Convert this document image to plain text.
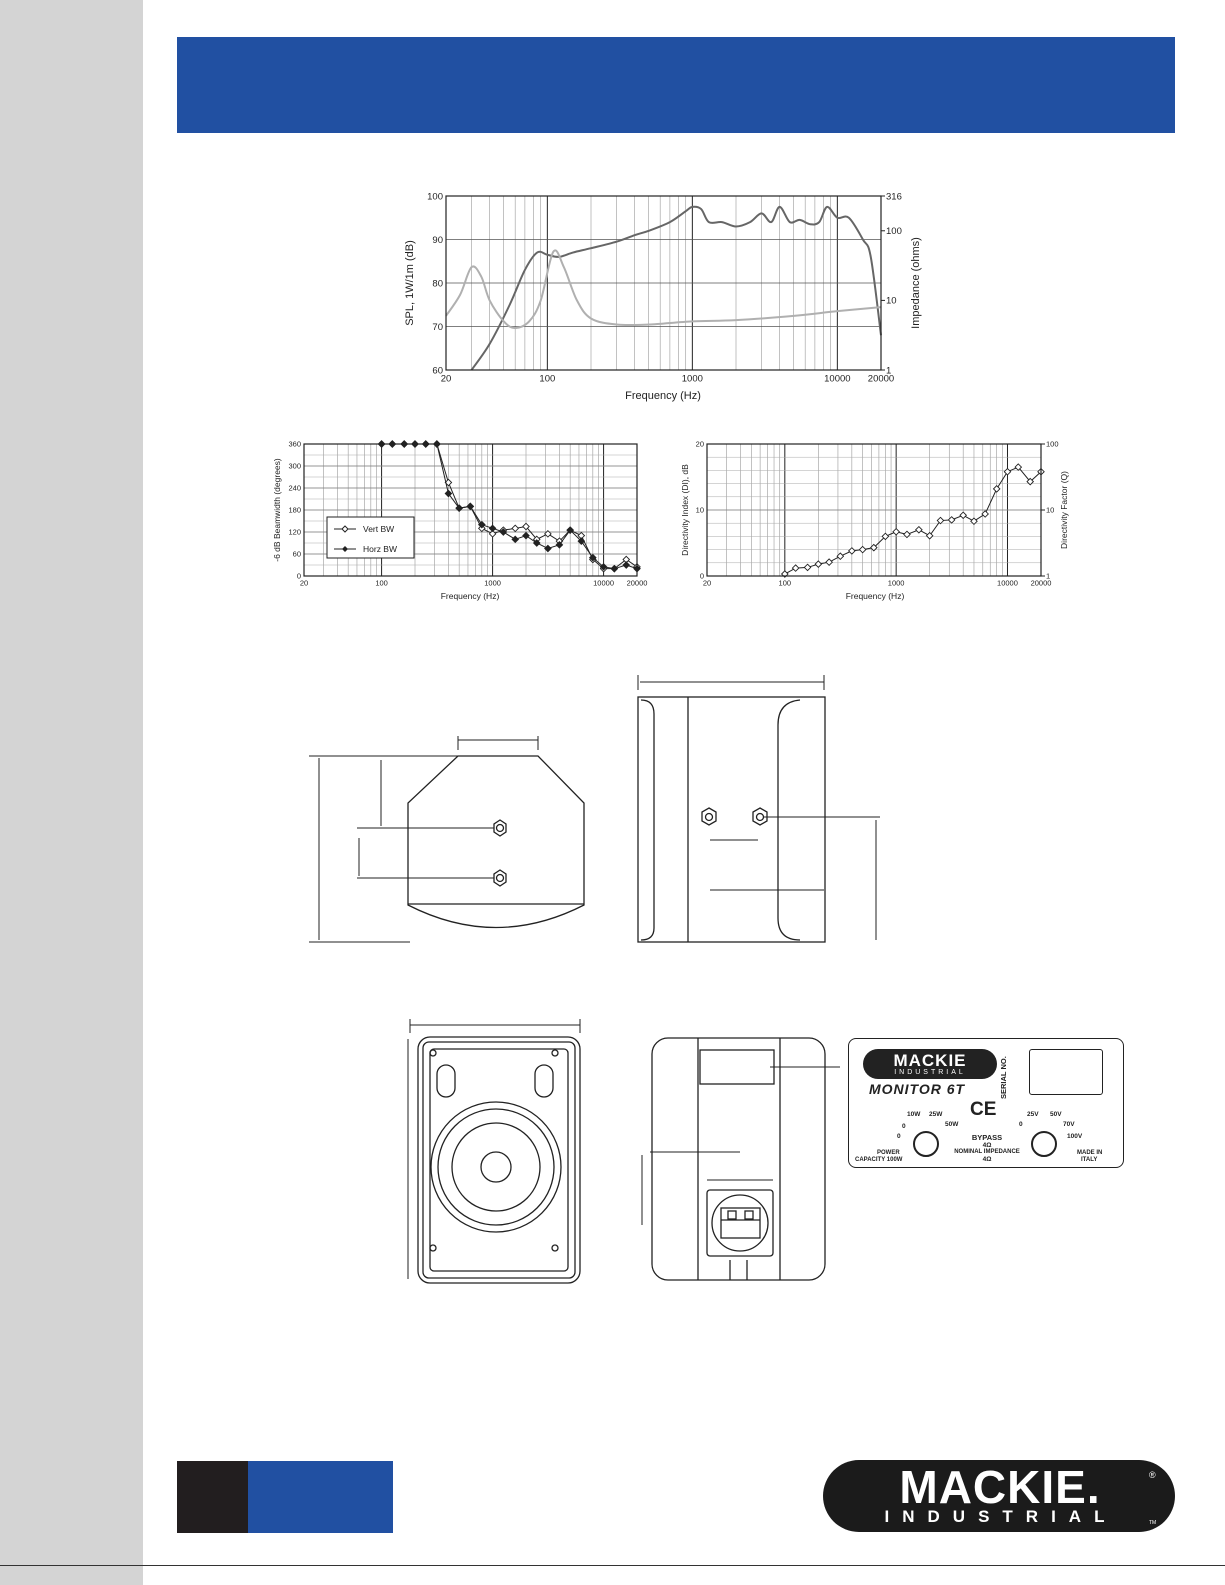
20	100	1000	10000 20000
60
70
80
90
100
1
10
100
316
Frequency (Hz)
SPL, 1W/1m (dB)	Impedance (ohms)
20	100	1000	10000 20000
0
60
120
180
240
300
360
Vert BW
Horz BW
Frequency (Hz)
-6 dB Beamwidth (degrees)
20	100	1000	10000 20000
0
10
20
1
10
100
Frequency (Hz)
Directivity Index (DI), dB	Directivity Factor (Q)
MACKIE
INDUSTRIAL
MONITOR 6T	SERIAL NO.
CE
0
10W 25W
50W
0
POWER
CAPACITY 100W
0
25V 50V
70V
100V
MADE IN
ITALY
BYPASS
4Ω
NOMINAL IMPEDANCE
4Ω
MACKIE.
INDUSTRIAL
®
TM
